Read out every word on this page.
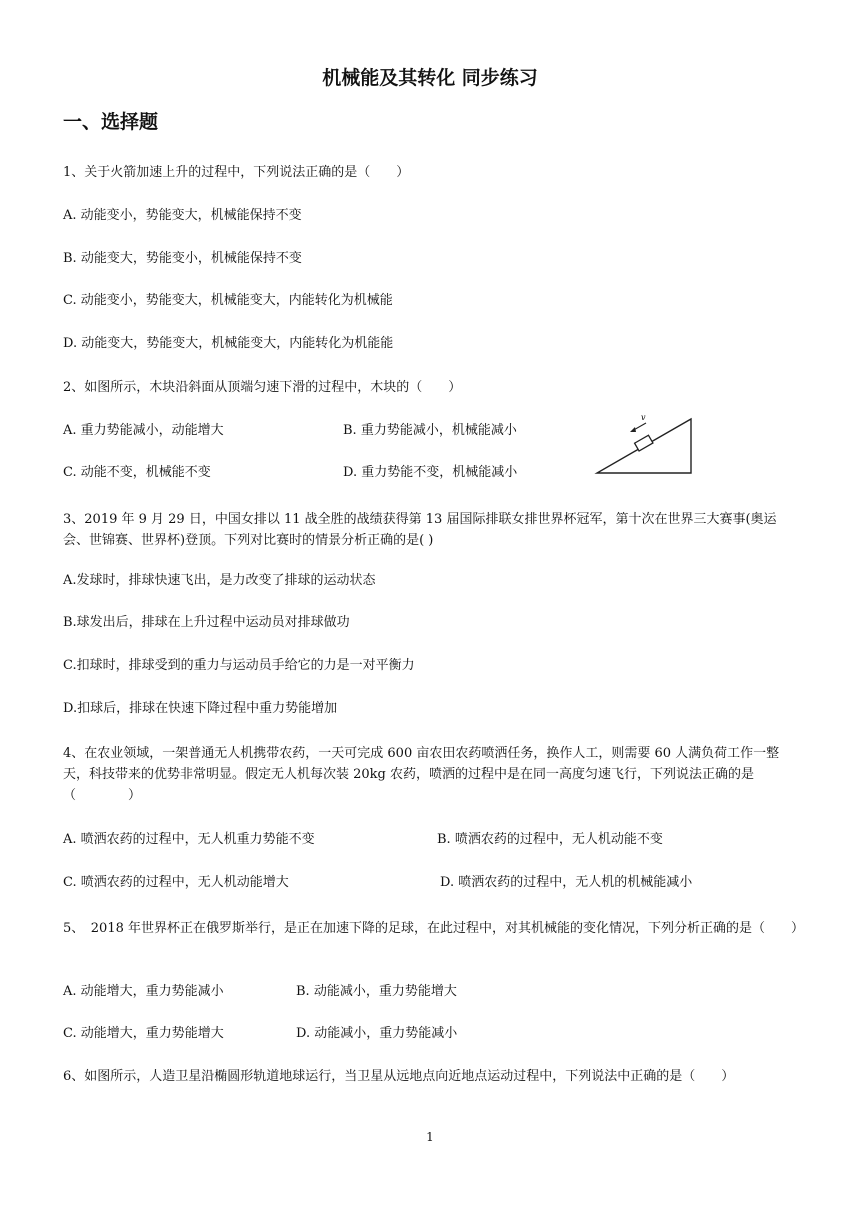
机械能及其转化 同步练习
一、选择题
1、关于火箭加速上升的过程中，下列说法正确的是（　　）
A. 动能变小，势能变大，机械能保持不变
B. 动能变大，势能变小，机械能保持不变
C. 动能变小，势能变大，机械能变大，内能转化为机械能
D. 动能变大，势能变大，机械能变大，内能转化为机能能
2、如图所示，木块沿斜面从顶端匀速下滑的过程中，木块的（　　）
A. 重力势能减小，动能增大	B. 重力势能减小，机械能减小
C. 动能不变，机械能不变	D. 重力势能不变，机械能减小
v
3、2019 年 9 月 29 日，中国女排以 11 战全胜的战绩获得第 13 届国际排联女排世界杯冠军，第十次在世界三大赛事(奥运会、世锦赛、世界杯)登顶。下列对比赛时的情景分析正确的是( )
A.发球时，排球快速飞出，是力改变了排球的运动状态
B.球发出后，排球在上升过程中运动员对排球做功
C.扣球时，排球受到的重力与运动员手给它的力是一对平衡力
D.扣球后，排球在快速下降过程中重力势能增加
4、在农业领域，一架普通无人机携带农药，一天可完成 600 亩农田农药喷洒任务，换作人工，则需要 60 人满负荷工作一整天，科技带来的优势非常明显。假定无人机每次装 20kg 农药，喷洒的过程中是在同一高度匀速飞行，下列说法正确的是　　（　　　　）
A. 喷洒农药的过程中，无人机重力势能不变	B. 喷洒农药的过程中，无人机动能不变
C. 喷洒农药的过程中，无人机动能增大	D. 喷洒农药的过程中，无人机的机械能减小
5、　2018 年世界杯正在俄罗斯举行，是正在加速下降的足球，在此过程中，对其机械能的变化情况，下列分析正确的是（　　）
A. 动能增大，重力势能减小	B. 动能减小，重力势能增大
C. 动能增大，重力势能增大	D. 动能减小，重力势能减小
6、如图所示，人造卫星沿椭圆形轨道地球运行，当卫星从远地点向近地点运动过程中，下列说法中正确的是（　　）
1
